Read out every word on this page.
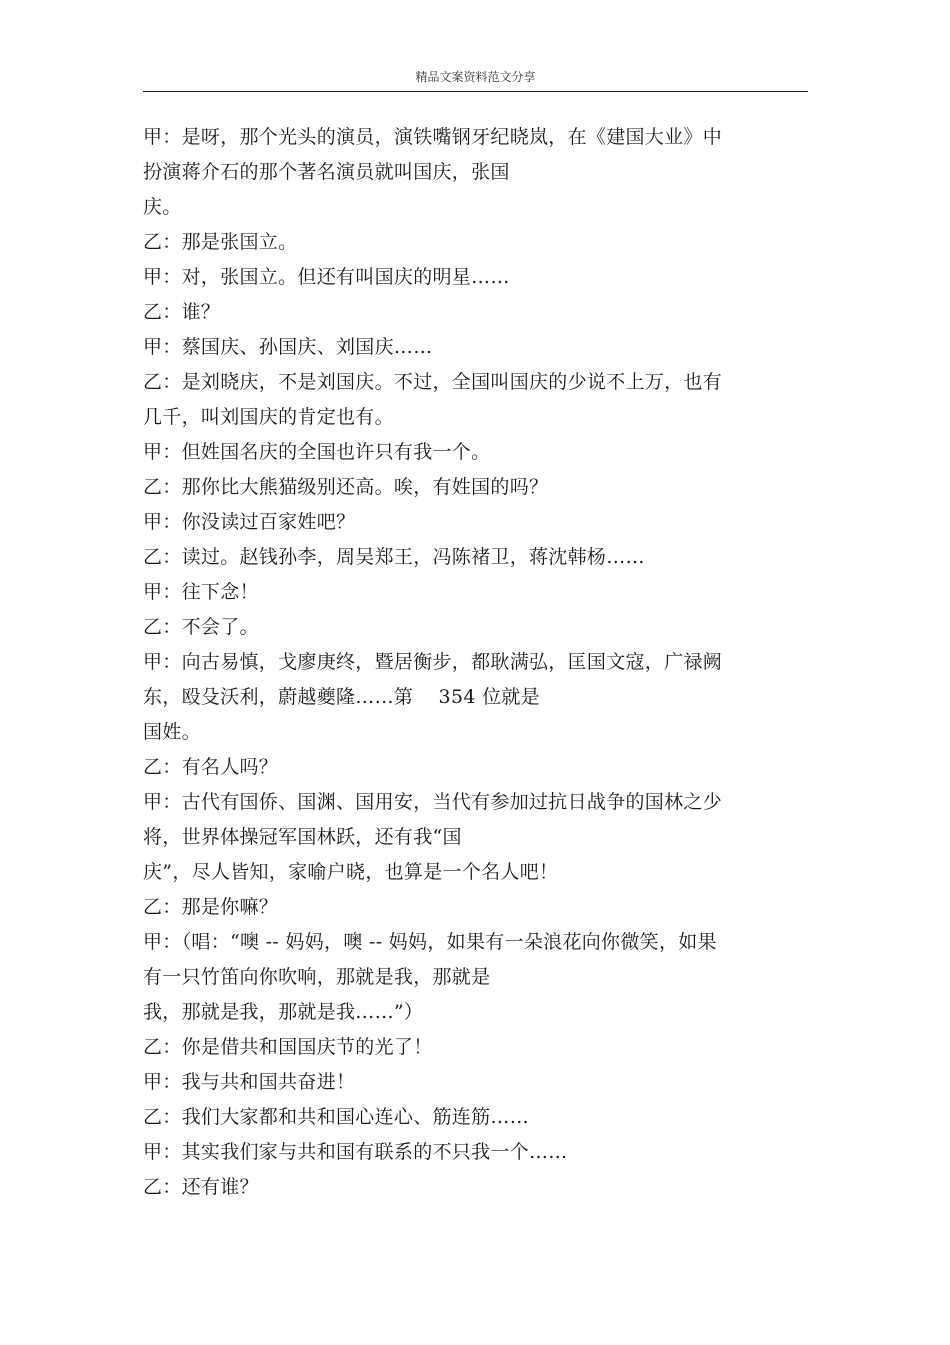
精品文案资料范文分享
甲：是呀，那个光头的演员，演铁嘴钢牙纪晓岚，在《建国大业》中
扮演蒋介石的那个著名演员就叫国庆，张国
庆。
乙：那是张国立。
甲：对，张国立。但还有叫国庆的明星……
乙：谁？
甲：蔡国庆、孙国庆、刘国庆……
乙：是刘晓庆，不是刘国庆。不过，全国叫国庆的少说不上万，也有
几千，叫刘国庆的肯定也有。
甲：但姓国名庆的全国也许只有我一个。
乙：那你比大熊猫级别还高。唉，有姓国的吗？
甲：你没读过百家姓吧？
乙：读过。赵钱孙李，周吴郑王，冯陈褚卫，蒋沈韩杨……
甲：往下念！
乙：不会了。
甲：向古易慎，戈廖庚终，暨居衡步，都耿满弘，匡国文寇，广禄阙
东，殴殳沃利，蔚越夔隆……第    354 位就是
国姓。
乙：有名人吗？
甲：古代有国侨、国渊、国用安，当代有参加过抗日战争的国林之少
将，世界体操冠军国林跃，还有我“国
庆”，尽人皆知，家喻户晓，也算是一个名人吧！
乙：那是你嘛？
甲：（唱：“噢 -- 妈妈，噢 -- 妈妈，如果有一朵浪花向你微笑，如果
有一只竹笛向你吹响，那就是我，那就是
我，那就是我，那就是我……”）
乙：你是借共和国国庆节的光了！
甲：我与共和国共奋进！
乙：我们大家都和共和国心连心、筋连筋……
甲：其实我们家与共和国有联系的不只我一个……
乙：还有谁？
